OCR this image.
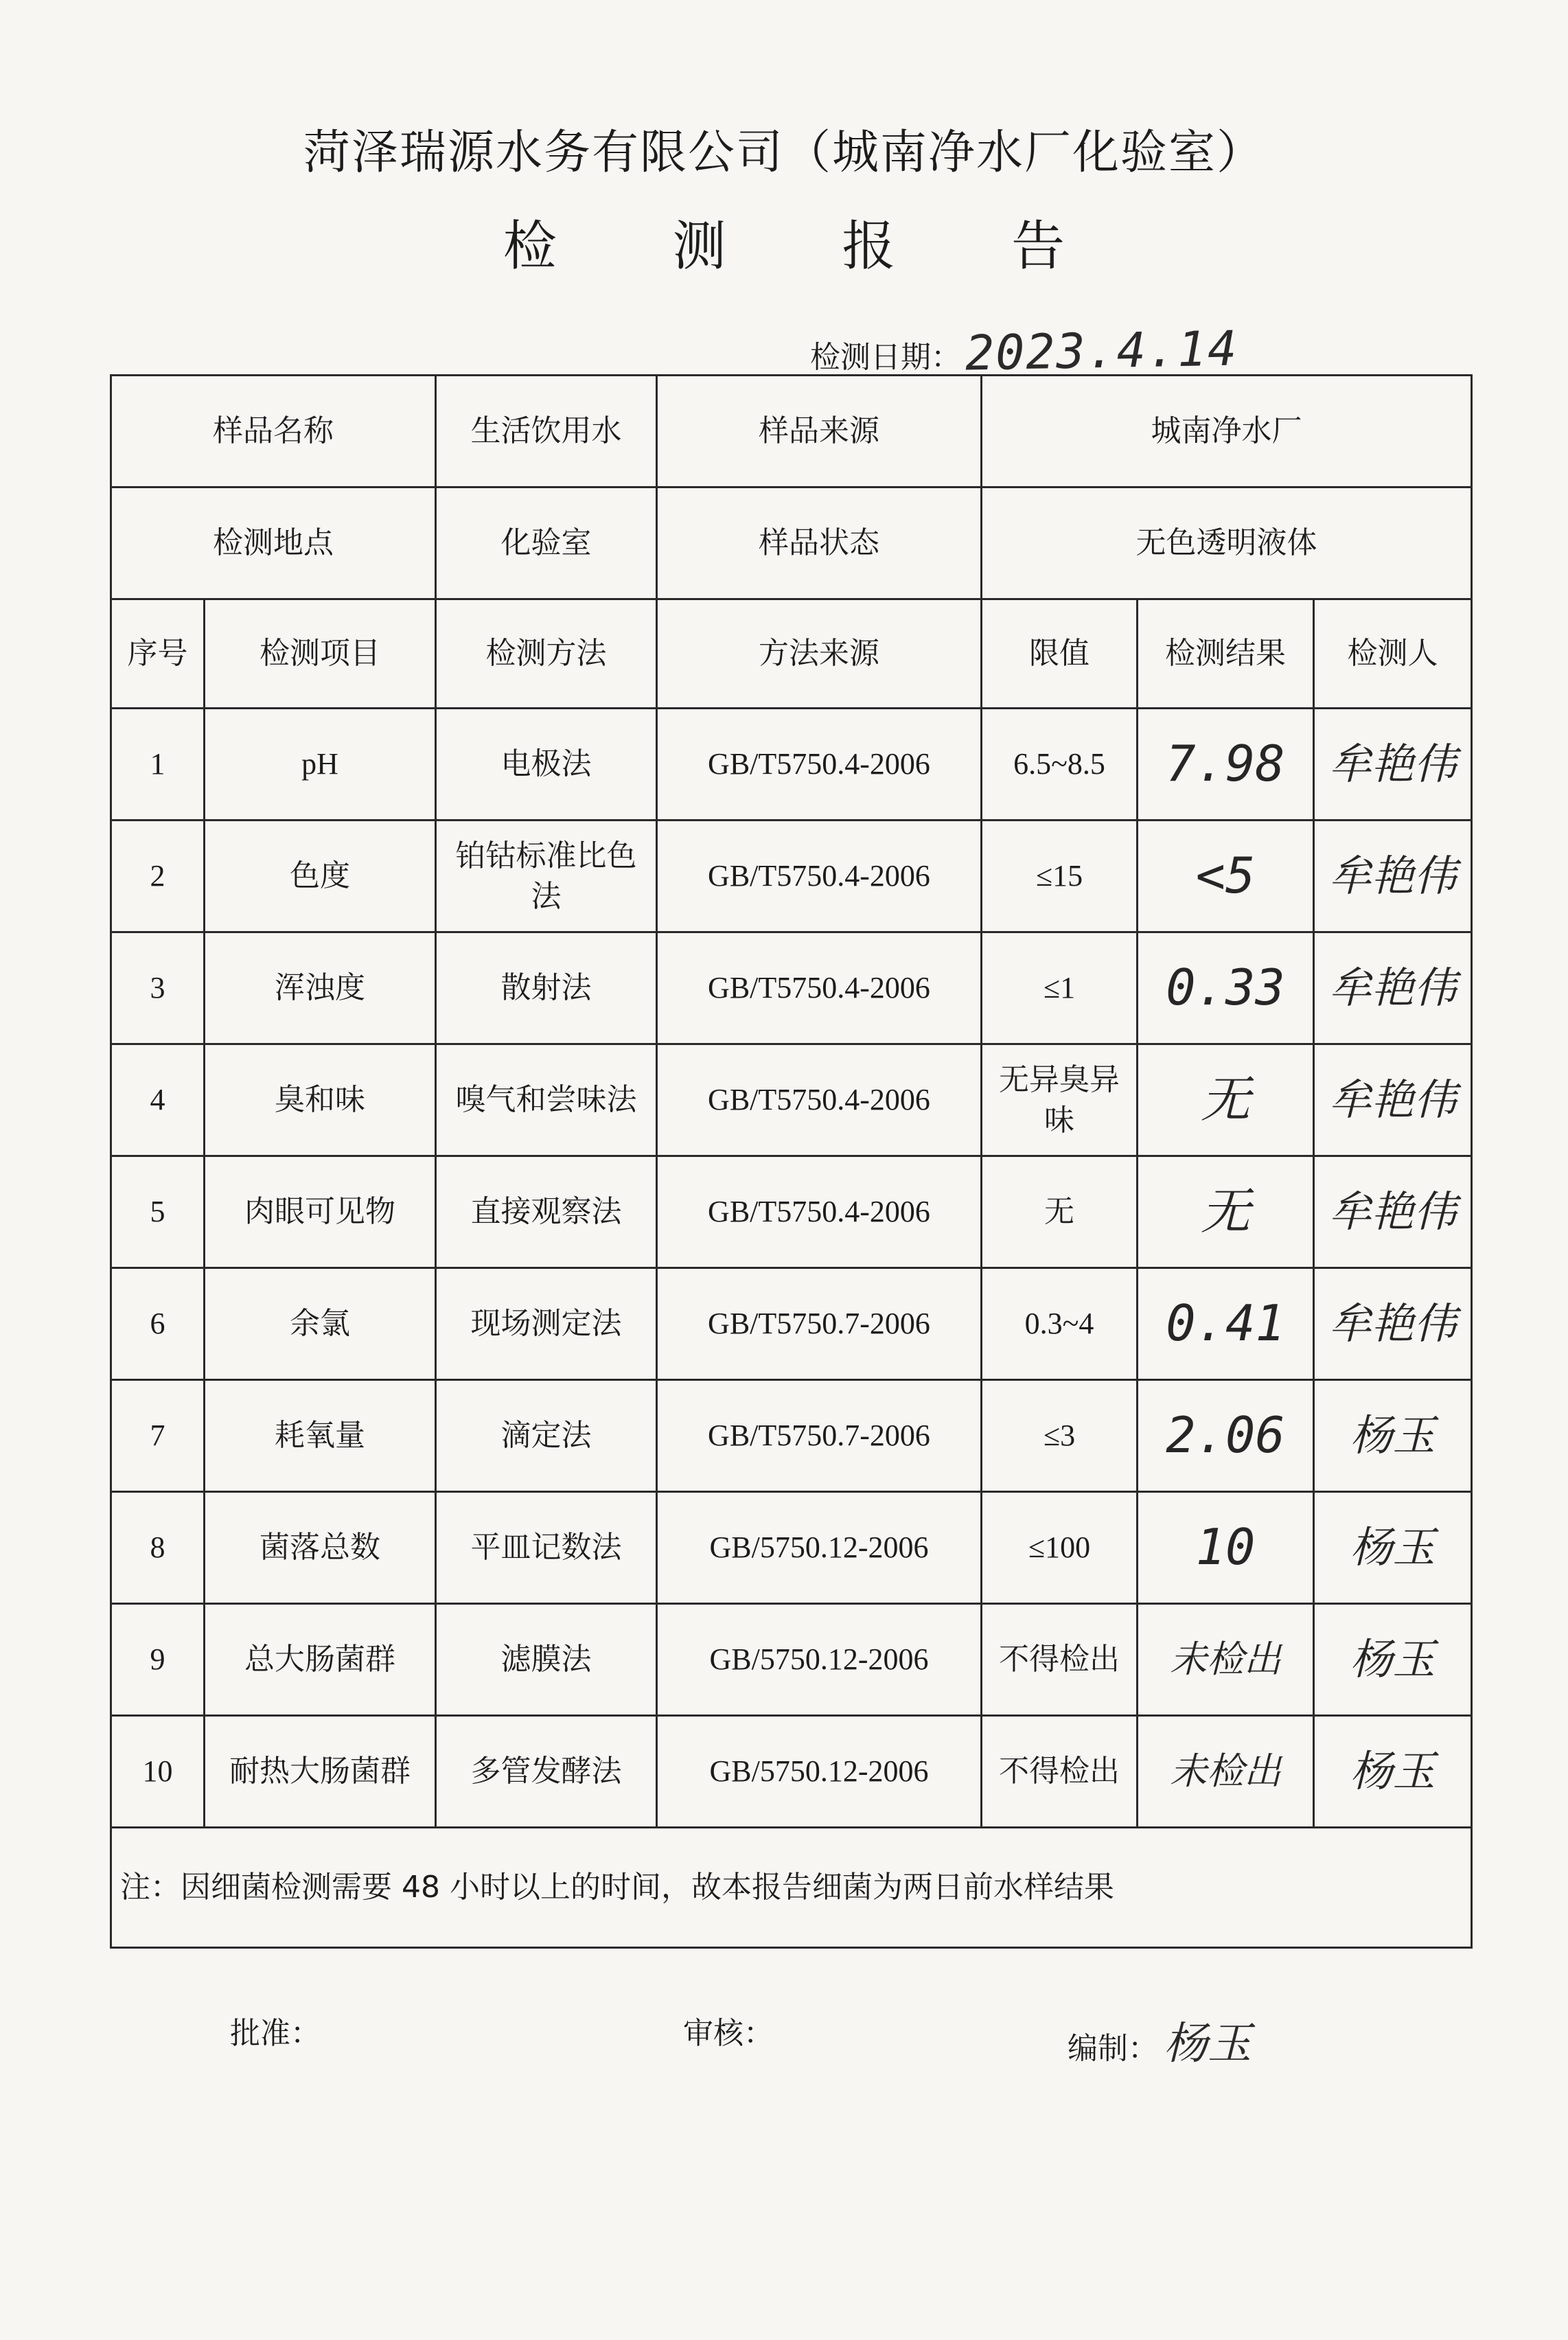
菏泽瑞源水务有限公司（城南净水厂化验室）
检 测 报 告
检测日期： 2023.4.14
样品名称		生活饮用水	样品来源	城南净水厂		
检测地点		化验室	样品状态	无色透明液体		
序号	检测项目	检测方法	方法来源	限值	检测结果	检测人
1	pH	电极法	GB/T5750.4-2006	6.5~8.5	7.98	牟艳伟
2	色度	铂钴标准比色法	GB/T5750.4-2006	≤15	<5	牟艳伟
3	浑浊度	散射法	GB/T5750.4-2006	≤1	0.33	牟艳伟
4	臭和味	嗅气和尝味法	GB/T5750.4-2006	无异臭异味	无	牟艳伟
5	肉眼可见物	直接观察法	GB/T5750.4-2006	无	无	牟艳伟
6	余氯	现场测定法	GB/T5750.7-2006	0.3~4	0.41	牟艳伟
7	耗氧量	滴定法	GB/T5750.7-2006	≤3	2.06	杨玉
8	菌落总数	平皿记数法	GB/5750.12-2006	≤100	10	杨玉
9	总大肠菌群	滤膜法	GB/5750.12-2006	不得检出	未检出	杨玉
10	耐热大肠菌群	多管发酵法	GB/5750.12-2006	不得检出	未检出	杨玉
注：因细菌检测需要 48 小时以上的时间，故本报告细菌为两日前水样结果						
批准：	审核：	编制： 杨玉
